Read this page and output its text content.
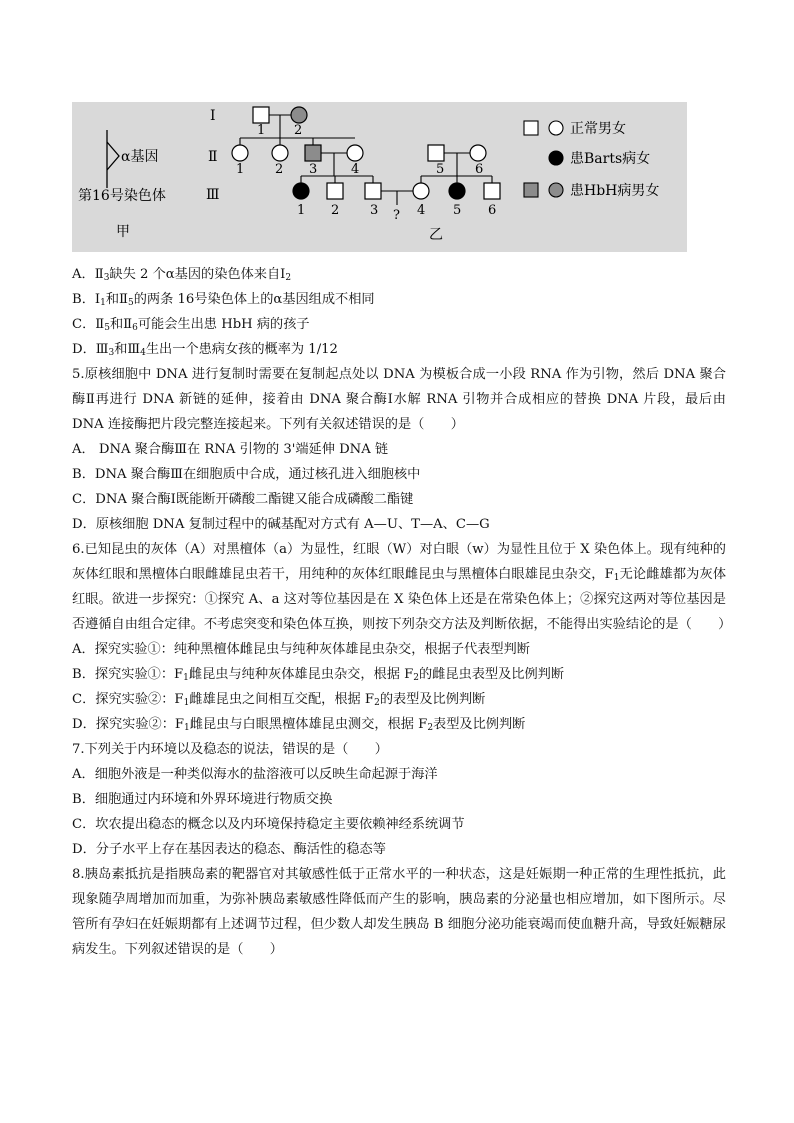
α基因
第16号染色体
甲
Ⅰ
Ⅱ
Ⅲ
1 2
1 2 3	4	5 6
1 2 3 ? 4 5 6
乙
正常男女
患Barts病女
患HbH病男女
A．$Ⅱ_3$缺失 2 个α基因的染色体来自$Ⅰ_2$
B．$Ⅰ_1$和$Ⅱ_5$的两条 16号染色体上的α基因组成不相同
C．$Ⅱ_5$和$Ⅱ_6$可能会生出患 HbH 病的孩子
D．$Ⅲ_3$和$Ⅲ_4$生出一个患病女孩的概率为 1/12
5.原核细胞中 DNA 进行复制时需要在复制起点处以 DNA 为模板合成一小段 RNA 作为引物，然后 DNA 聚合酶Ⅱ再进行 DNA 新链的延伸，接着由 DNA 聚合酶Ⅰ水解 RNA 引物并合成相应的替换 DNA 片段，最后由 DNA 连接酶把片段完整连接起来。下列有关叙述错误的是（　　）
A． DNA 聚合酶Ⅲ在 RNA 引物的 3'端延伸 DNA 链
B．DNA 聚合酶Ⅲ在细胞质中合成，通过核孔进入细胞核中
C．DNA 聚合酶Ⅰ既能断开磷酸二酯键又能合成磷酸二酯键
D．原核细胞 DNA 复制过程中的碱基配对方式有 A—U、T—A、C—G
6.已知昆虫的灰体（A）对黑檀体（a）为显性，红眼（W）对白眼（w）为显性且位于 X 染色体上。现有纯种的灰体红眼和黑檀体白眼雌雄昆虫若干，用纯种的灰体红眼雌昆虫与黑檀体白眼雄昆虫杂交，$F_1$无论雌雄都为灰体红眼。欲进一步探究：①探究 A、a 这对等位基因是在 X 染色体上还是在常染色体上；②探究这两对等位基因是否遵循自由组合定律。不考虑突变和染色体互换，则按下列杂交方法及判断依据，不能得出实验结论的是（　　）
A．探究实验①：纯种黑檀体雌昆虫与纯种灰体雄昆虫杂交，根据子代表型判断
B．探究实验①：$F_1$雌昆虫与纯种灰体雄昆虫杂交，根据 $F_2$的雌昆虫表型及比例判断
C．探究实验②：$F_1$雌雄昆虫之间相互交配，根据 $F_2$的表型及比例判断
D．探究实验②：$F_1$雌昆虫与白眼黑檀体雄昆虫测交，根据 $F_2$表型及比例判断
7.下列关于内环境以及稳态的说法，错误的是（　　）
A．细胞外液是一种类似海水的盐溶液可以反映生命起源于海洋
B．细胞通过内环境和外界环境进行物质交换
C．坎农提出稳态的概念以及内环境保持稳定主要依赖神经系统调节
D．分子水平上存在基因表达的稳态、酶活性的稳态等
8.胰岛素抵抗是指胰岛素的靶器官对其敏感性低于正常水平的一种状态，这是妊娠期一种正常的生理性抵抗，此现象随孕周增加而加重，为弥补胰岛素敏感性降低而产生的影响，胰岛素的分泌量也相应增加，如下图所示。尽管所有孕妇在妊娠期都有上述调节过程，但少数人却发生胰岛 B 细胞分泌功能衰竭而使血糖升高，导致妊娠糖尿病发生。下列叙述错误的是（　　）
